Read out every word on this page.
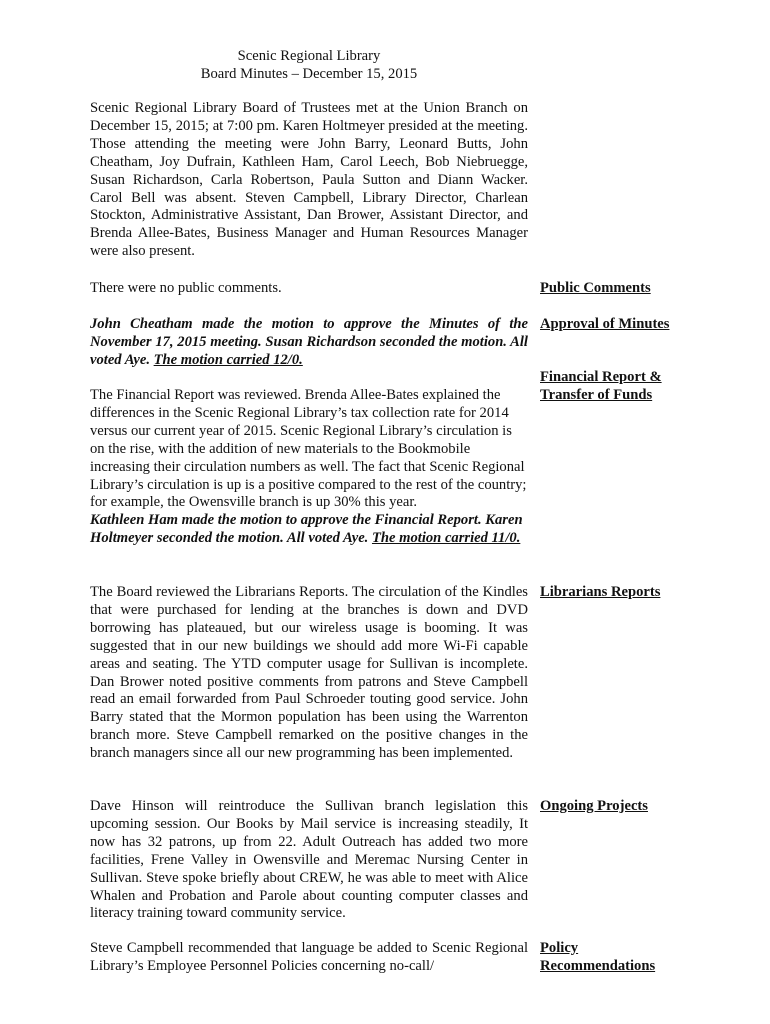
Scenic Regional Library
Board Minutes – December 15, 2015
Scenic Regional Library Board of Trustees met at the Union Branch on December 15, 2015; at 7:00 pm. Karen Holtmeyer presided at the meeting. Those attending the meeting were John Barry, Leonard Butts, John Cheatham, Joy Dufrain, Kathleen Ham, Carol Leech, Bob Niebruegge, Susan Richardson, Carla Robertson, Paula Sutton and Diann Wacker. Carol Bell was absent. Steven Campbell, Library Director, Charlean Stockton, Administrative Assistant, Dan Brower, Assistant Director, and Brenda Allee-Bates, Business Manager and Human Resources Manager were also present.
There were no public comments.	Public Comments
John Cheatham made the motion to approve the Minutes of the November 17, 2015 meeting. Susan Richardson seconded the motion. All voted Aye. The motion carried 12/0.
Approval of Minutes
Financial Report &
Transfer of Funds
The Financial Report was reviewed. Brenda Allee-Bates explained the differences in the Scenic Regional Library’s tax collection rate for 2014 versus our current year of 2015. Scenic Regional Library’s circulation is on the rise, with the addition of new materials to the Bookmobile increasing their circulation numbers as well. The fact that Scenic Regional Library’s circulation is up is a positive compared to the rest of the country; for example, the Owensville branch is up 30% this year.
Kathleen Ham made the motion to approve the Financial Report. Karen Holtmeyer seconded the motion. All voted Aye. The motion carried 11/0.
The Board reviewed the Librarians Reports. The circulation of the Kindles that were purchased for lending at the branches is down and DVD borrowing has plateaued, but our wireless usage is booming. It was suggested that in our new buildings we should add more Wi-Fi capable areas and seating. The YTD computer usage for Sullivan is incomplete. Dan Brower noted positive comments from patrons and Steve Campbell read an email forwarded from Paul Schroeder touting good service. John Barry stated that the Mormon population has been using the Warrenton branch more. Steve Campbell remarked on the positive changes in the branch managers since all our new programming has been implemented.
Librarians Reports
Dave Hinson will reintroduce the Sullivan branch legislation this upcoming session. Our Books by Mail service is increasing steadily, It now has 32 patrons, up from 22. Adult Outreach has added two more facilities, Frene Valley in Owensville and Meremac Nursing Center in Sullivan. Steve spoke briefly about CREW, he was able to meet with Alice Whalen and Probation and Parole about counting computer classes and literacy training toward community service.
Ongoing Projects
Steve Campbell recommended that language be added to Scenic Regional Library’s Employee Personnel Policies concerning no-call/
Policy
Recommendations
